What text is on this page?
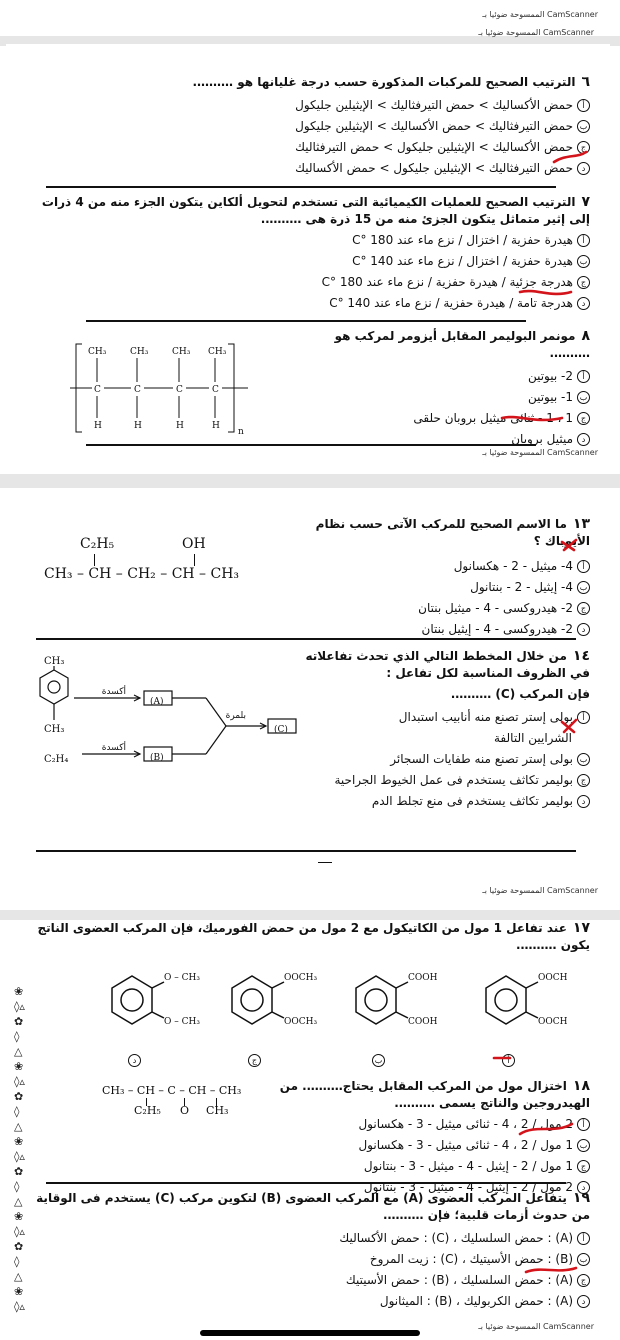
الممسوحة ضوئيا بـ CamScanner
الممسوحة ضوئيا بـ CamScanner
٦الترتيب الصحيح للمركبات المذكورة حسب درجة غليانها هو ……….
أحمض الأكساليك > حمض التيرفثاليك > الإيثيلين جليكول
بحمض التيرفثاليك > حمض الأكساليك > الإيثيلين جليكول
جحمض الأكساليك > الإيثيلين جليكول > حمض التيرفثاليك
دحمض التيرفثاليك > الإيثيلين جليكول > حمض الأكساليك
٧الترتيب الصحيح للعمليات الكيميائية التى تستخدم لتحويل ألكاين يتكون الجزء منه من 4 ذرات إلى إثير متماثل يتكون الجزئ منه من 15 ذرة هى ……….
أهيدرة حفزية / اختزال / نزع ماء عند 180 °C
بهيدرة حفزية / اختزال / نزع ماء عند 140 °C
جهدرجة جزئية / هيدرة حفزية / نزع ماء عند 180 °C
دهدرجة تامة / هيدرة حفزية / نزع ماء عند 140 °C
٨مونمر البوليمر المقابل أيزومر لمركب هو ……….
أ2- بيوتين
ب1- بيوتين
ج1 ، 1 - ثنائى ميثيل بروبان حلقى
دميثيل بروبان
CH₃	CH₃	CH₃ CH₃
C	C	C	C
H	H	H	H
n
الممسوحة ضوئيا بـ CamScanner
١٣ما الاسم الصحيح للمركب الآتى حسب نظام الأيوباك ؟
أ4- ميثيل - 2 - هكسانول
ب4- إيثيل - 2 - بنتانول
ج2- هيدروكسى - 4 - ميثيل بنتان
د2- هيدروكسى - 4 - إيثيل بنتان
C₂H₅	OH
CH₃ – CH – CH₂ – CH – CH₃
١٤من خلال المخطط التالي الذي تحدث تفاعلاته
في الظروف المناسبة لكل تفاعل :
فإن المركب (C) ……….
أبولى إستر تصنع منه أنابيب استبدال
الشرايين التالفة
ببولى إستر تصنع منه طفايات السجائر
جبوليمر تكاثف يستخدم فى عمل الخيوط الجراحية
دبوليمر تكاثف يستخدم فى منع تجلط الدم
CH₃
CH₃
C₂H₄
(A)
(B)
(C)
أكسدة
أكسدة
بلمرة
الممسوحة ضوئيا بـ CamScanner
❀◊▵✿◊△❀◊▵✿◊△❀◊▵✿◊△❀◊▵✿◊△❀◊▵
١٧عند تفاعل 1 مول من الكاتيكول مع 2 مول من حمض الفورميك، فإن المركب العضوى الناتج يكون ……….
OOCH
OOCH
COOH
COOH
OOCH₃
OOCH₃
O – CH₃
O – CH₃
أ
ب
ج
د
١٨اختزال مول من المركب المقابل يحتاج………. من الهيدروجين والناتج يسمى ……….
أ2 مول / 2 ، 4 - ثنائى ميثيل - 3 - هكسانول
ب1 مول / 2 ، 4 - ثنائى ميثيل - 3 - هكسانول
ج1 مول / 2 - إيثيل - 4 - ميثيل - 3 - بنتانول
د2 مول / 2 - إيثيل - 4 - ميثيل - 3 - بنتانول
CH₃ – CH – C – CH – CH₃
C₂H₅ O CH₃
١٩يتفاعل المركب العضوى (A) مع المركب العضوى (B) لتكوين مركب (C) يستخدم فى الوقاية من حدوث أزمات قلبية؛ فإن ……….
أ(A) : حمض السلسليك ، (C) : حمض الأكساليك
ب(B) : حمض الأسيتيك ، (C) : زيت المروخ
ج(A) : حمض السلسليك ، (B) : حمض الأسيتيك
د(A) : حمض الكربوليك ، (B) : الميثانول
الممسوحة ضوئيا بـ CamScanner
